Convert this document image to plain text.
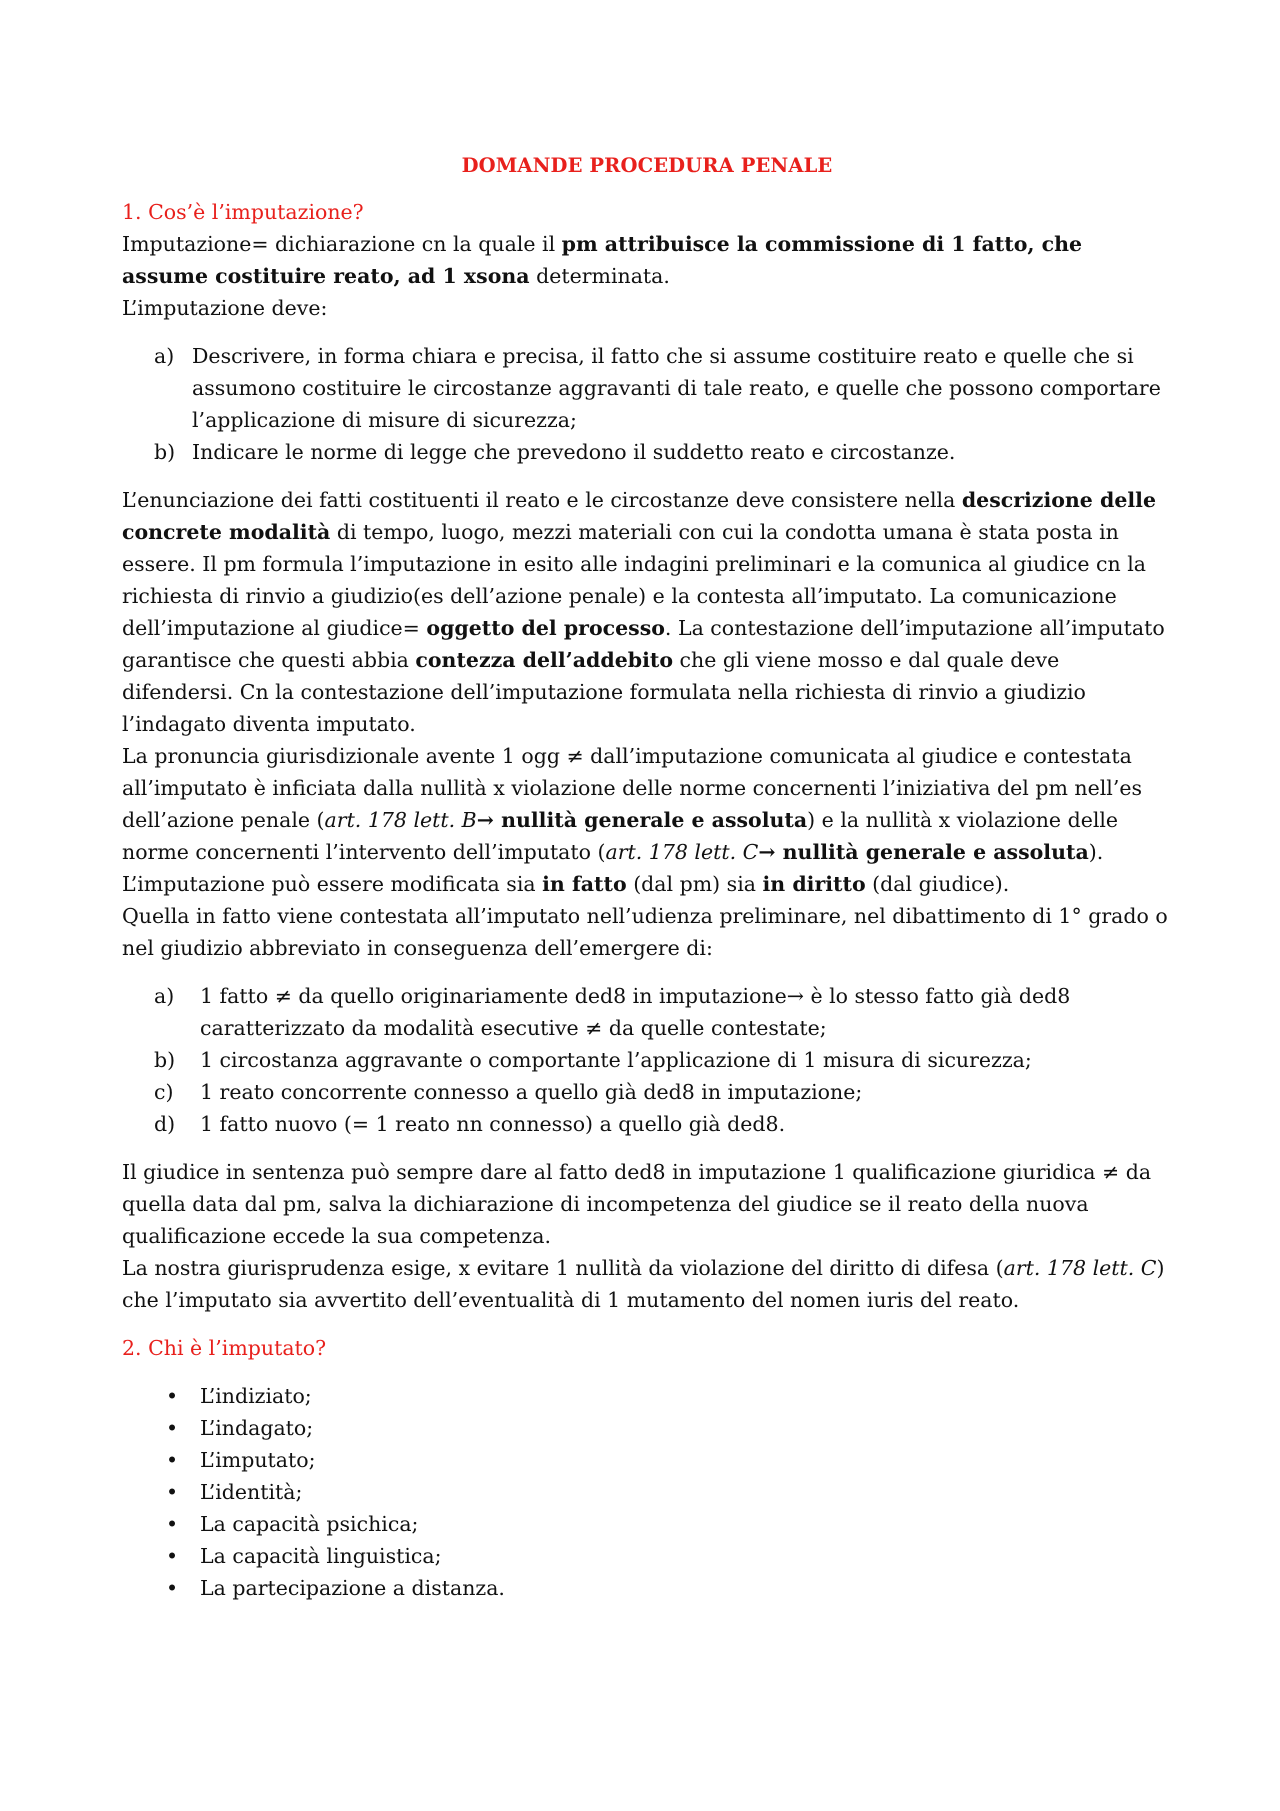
DOMANDE PROCEDURA PENALE
1. Cos’è l’imputazione?

Imputazione= dichiarazione cn la quale il pm attribuisce la commissione di 1 fatto, che assume costituire reato, ad 1 xsona determinata.

L’imputazione deve:

a) Descrivere, in forma chiara e precisa, il fatto che si assume costituire reato e quelle che si assumono costituire le circostanze aggravanti di tale reato, e quelle che possono comportare l’applicazione di misure di sicurezza;
b) Indicare le norme di legge che prevedono il suddetto reato e circostanze.

L’enunciazione dei fatti costituenti il reato e le circostanze deve consistere nella descrizione delle concrete modalità di tempo, luogo, mezzi materiali con cui la condotta umana è stata posta in essere. Il pm formula l’imputazione in esito alle indagini preliminari e la comunica al giudice cn la richiesta di rinvio a giudizio(es dell’azione penale) e la contesta all’imputato. La comunicazione dell’imputazione al giudice= oggetto del processo. La contestazione dell’imputazione all’imputato garantisce che questi abbia contezza dell’addebito che gli viene mosso e dal quale deve difendersi. Cn la contestazione dell’imputazione formulata nella richiesta di rinvio a giudizio l’indagato diventa imputato.

La pronuncia giurisdizionale avente 1 ogg ≠ dall’imputazione comunicata al giudice e contestata all’imputato è inficiata dalla nullità x violazione delle norme concernenti l’iniziativa del pm nell’es dell’azione penale (art. 178 lett. B→ nullità generale e assoluta) e la nullità x violazione delle norme concernenti l’intervento dell’imputato (art. 178 lett. C→ nullità generale e assoluta).

L’imputazione può essere modificata sia in fatto (dal pm) sia in diritto (dal giudice).

Quella in fatto viene contestata all’imputato nell’udienza preliminare, nel dibattimento di 1° grado o nel giudizio abbreviato in conseguenza dell’emergere di:

a) 1 fatto ≠ da quello originariamente ded8 in imputazione→ è lo stesso fatto già ded8 caratterizzato da modalità esecutive ≠ da quelle contestate;
b) 1 circostanza aggravante o comportante l’applicazione di 1 misura di sicurezza;
c) 1 reato concorrente connesso a quello già ded8 in imputazione;
d) 1 fatto nuovo (= 1 reato nn connesso) a quello già ded8.

Il giudice in sentenza può sempre dare al fatto ded8 in imputazione 1 qualificazione giuridica ≠ da quella data dal pm, salva la dichiarazione di incompetenza del giudice se il reato della nuova qualificazione eccede la sua competenza.

La nostra giurisprudenza esige, x evitare 1 nullità da violazione del diritto di difesa (art. 178 lett. C) che l’imputato sia avvertito dell’eventualità di 1 mutamento del nomen iuris del reato.

2. Chi è l’imputato?
• L’indiziato;
• L’indagato;
• L’imputato;
• L’identità;
• La capacità psichica;
• La capacità linguistica;
• La partecipazione a distanza.
